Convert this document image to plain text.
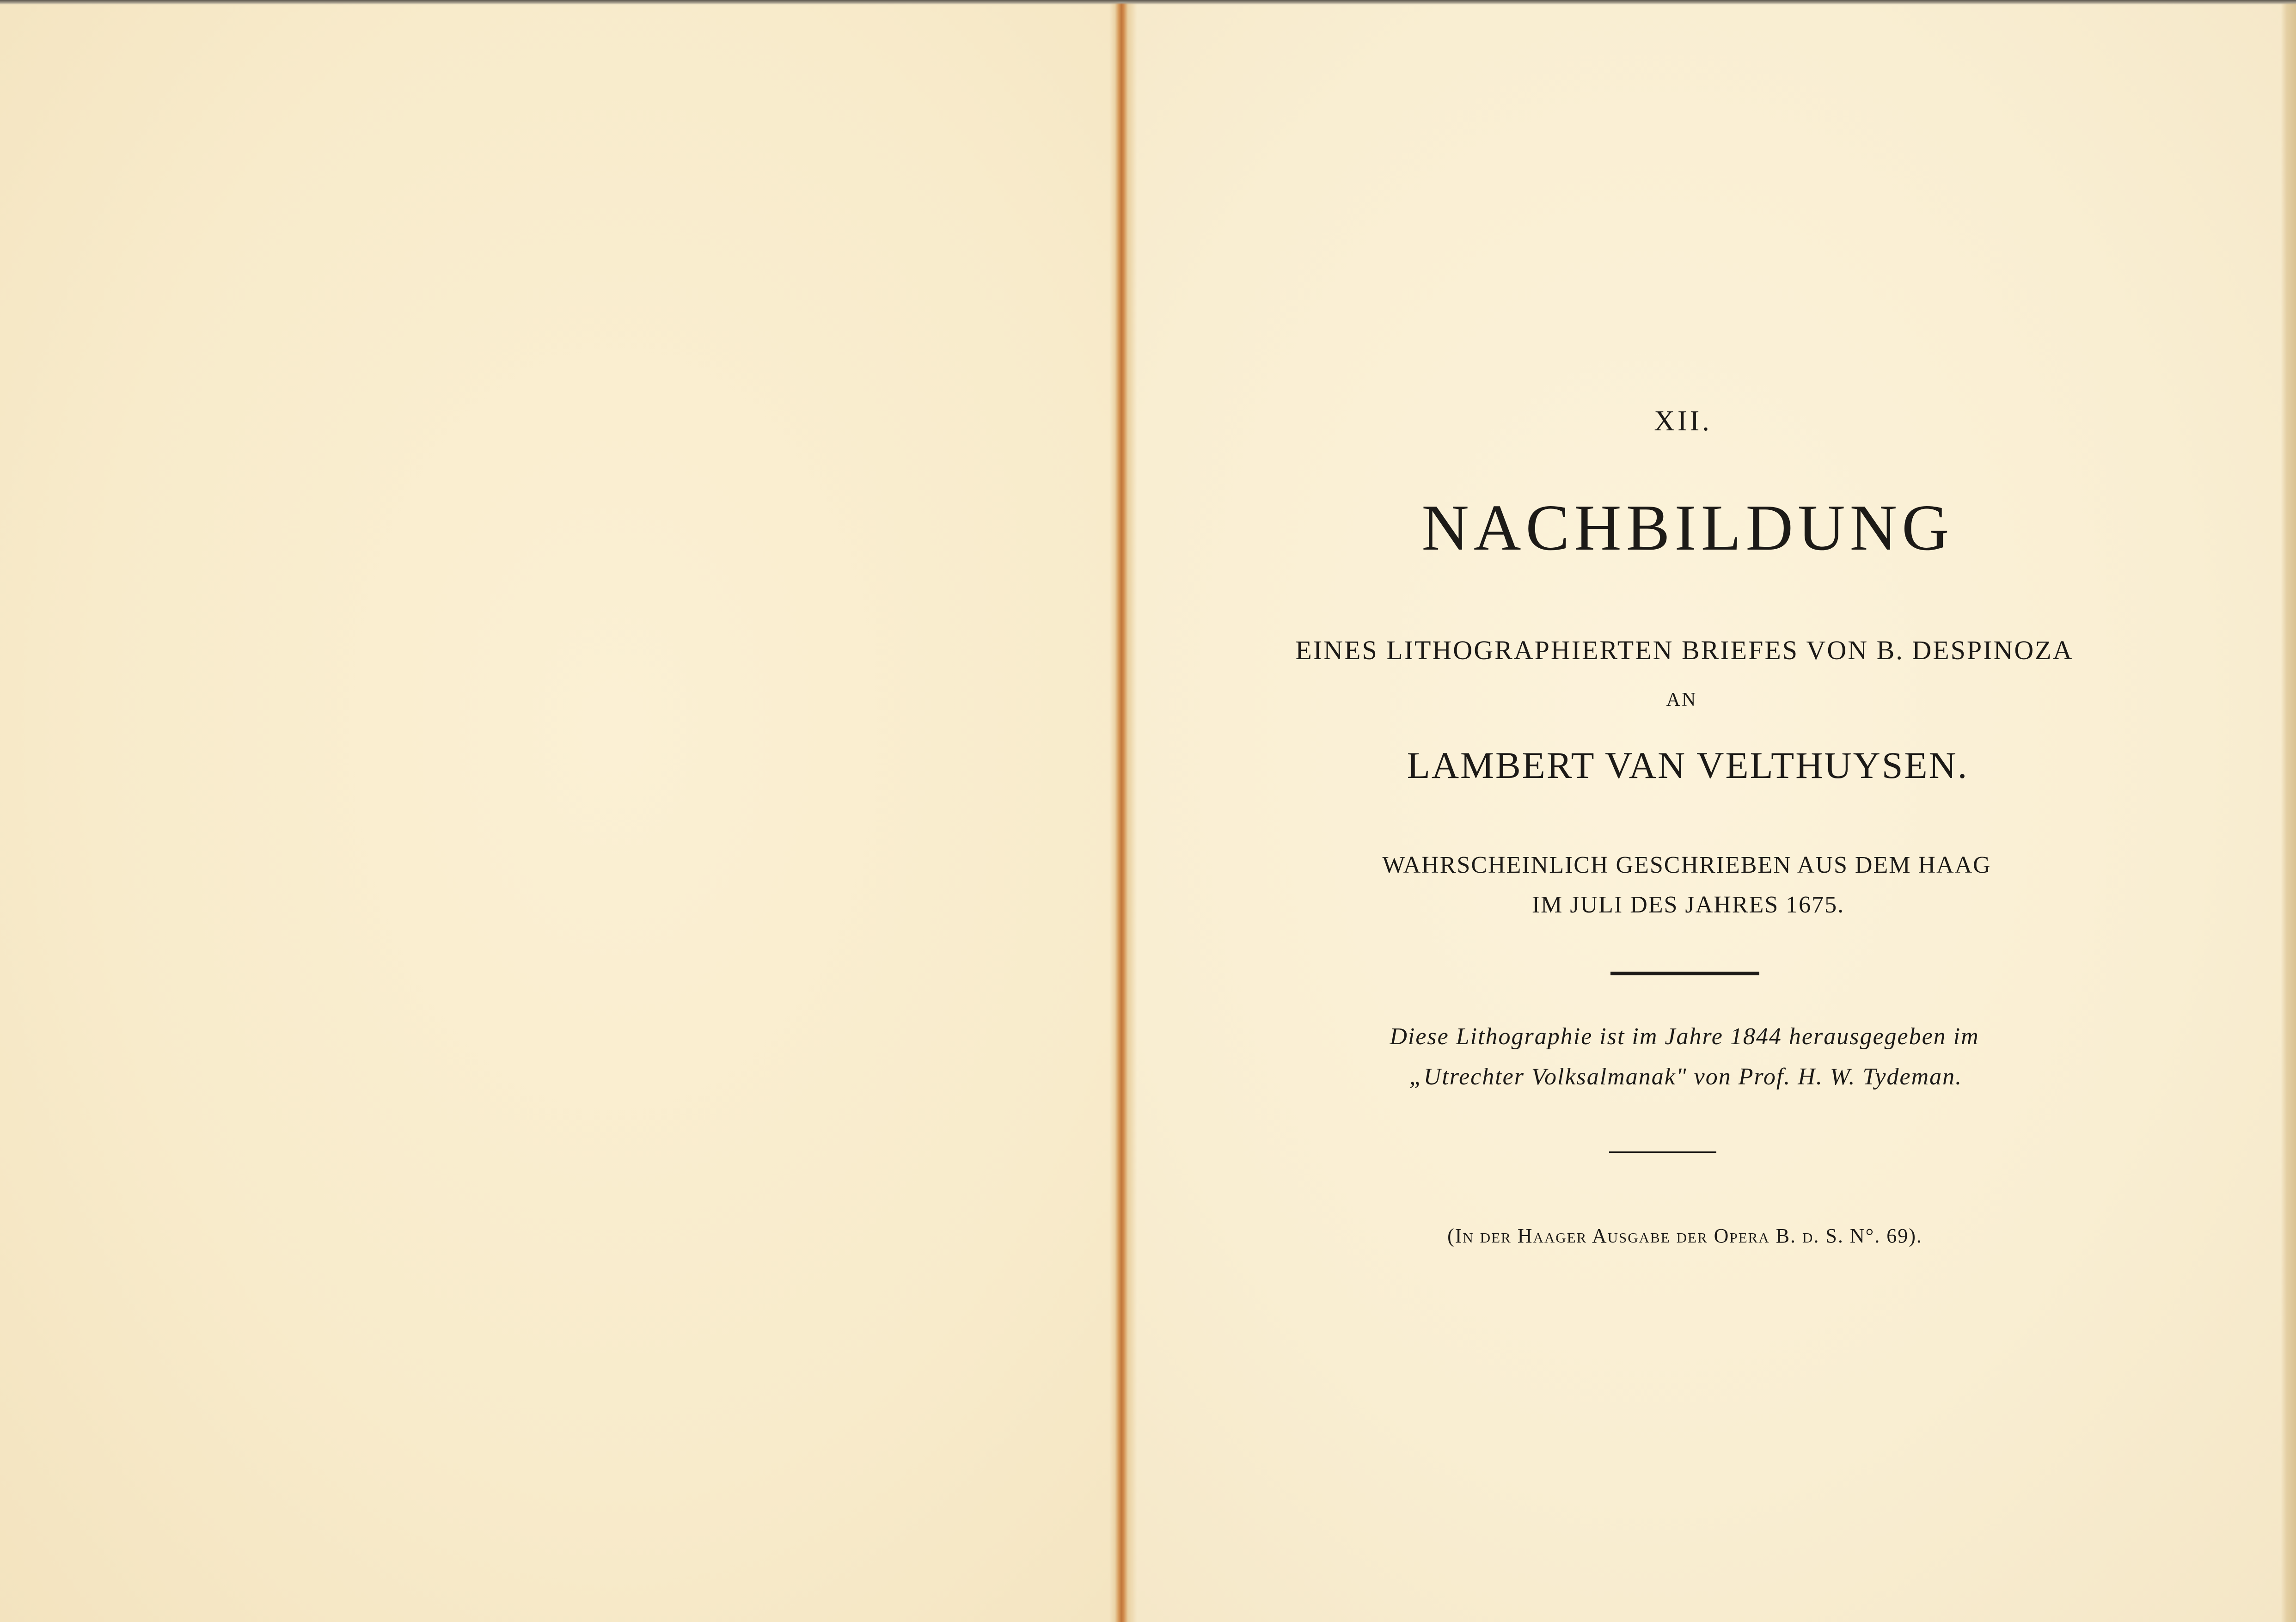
XII.
NACHBILDUNG
EINES LITHOGRAPHIERTEN BRIEFES VON B. DESPINOZA
AN
LAMBERT VAN VELTHUYSEN.
WAHRSCHEINLICH GESCHRIEBEN AUS DEM HAAG
IM JULI DES JAHRES 1675.
Diese Lithographie ist im Jahre 1844 herausgegeben im
„Utrechter Volksalmanak" von Prof. H. W. Tydeman.
(In der Haager Ausgabe der Opera B. d. S. N°. 69).
